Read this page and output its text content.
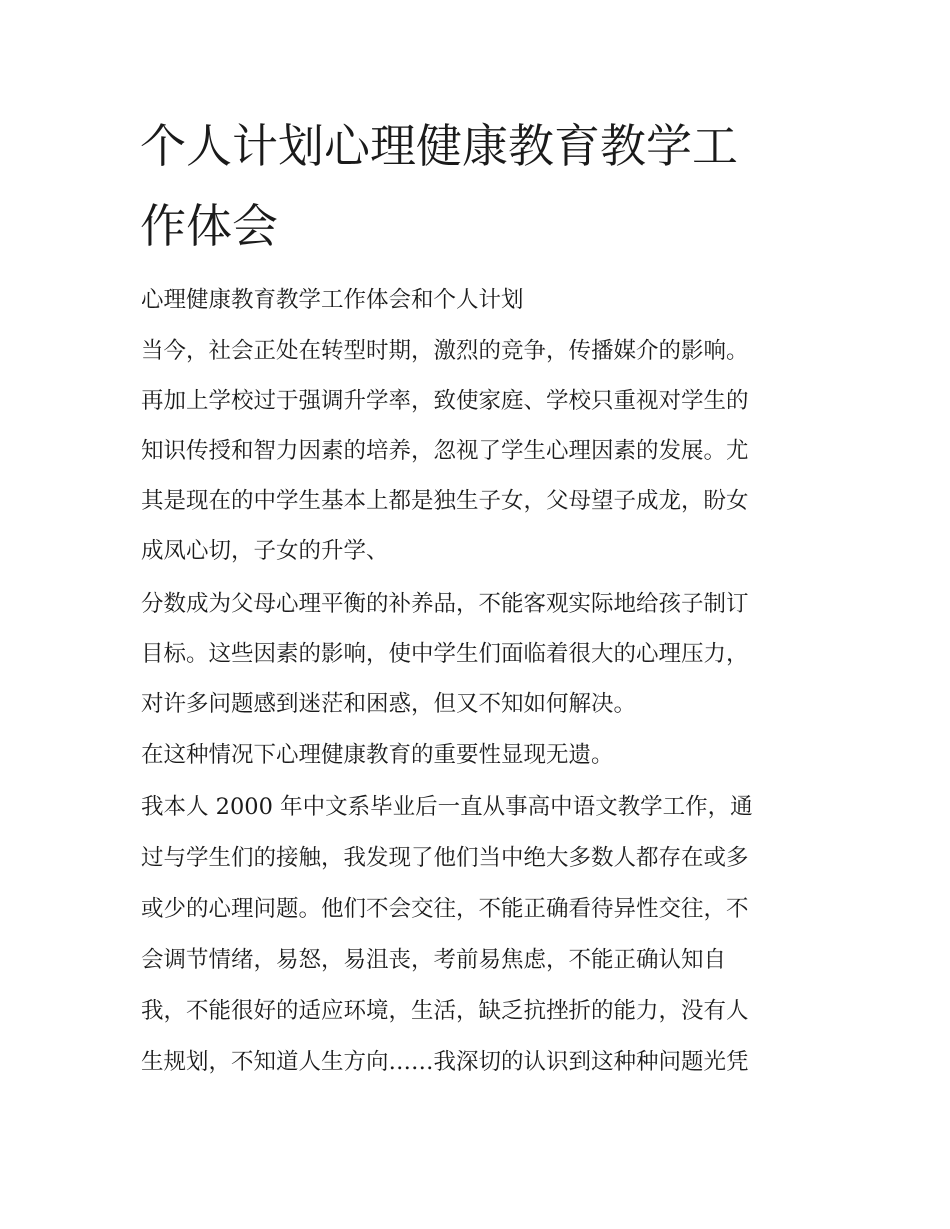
个人计划心理健康教育教学工
作体会
心理健康教育教学工作体会和个人计划
当今，社会正处在转型时期，激烈的竞争，传播媒介的影响。
再加上学校过于强调升学率，致使家庭、学校只重视对学生的
知识传授和智力因素的培养，忽视了学生心理因素的发展。尤
其是现在的中学生基本上都是独生子女，父母望子成龙，盼女
成凤心切，子女的升学、
分数成为父母心理平衡的补养品，不能客观实际地给孩子制订
目标。这些因素的影响，使中学生们面临着很大的心理压力，
对许多问题感到迷茫和困惑，但又不知如何解决。
在这种情况下心理健康教育的重要性显现无遗。
我本人 2000 年中文系毕业后一直从事高中语文教学工作，通
过与学生们的接触，我发现了他们当中绝大多数人都存在或多
或少的心理问题。他们不会交往，不能正确看待异性交往，不
会调节情绪，易怒，易沮丧，考前易焦虑，不能正确认知自
我，不能很好的适应环境，生活，缺乏抗挫折的能力，没有人
生规划，不知道人生方向……我深切的认识到这种种问题光凭
